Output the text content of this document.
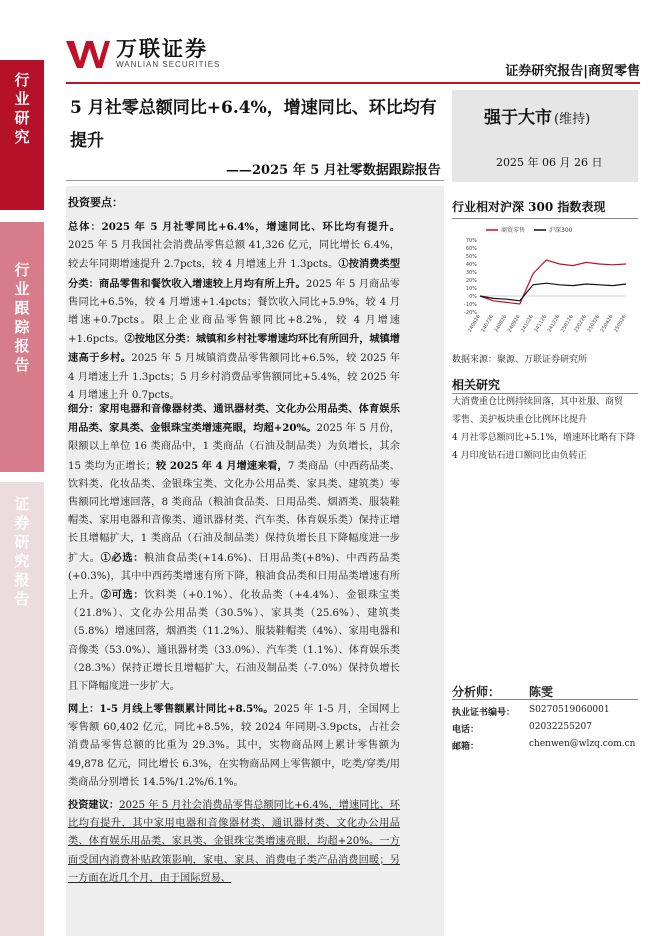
万联证券
WANLIAN SECURITIES	证券研究报告|商贸零售
行业研究
行业跟踪报告
证券研究报告
5 月社零总额同比+6.4%，增速同比、环比均有提升
——2025 年 5 月社零数据跟踪报告
强于大市 (维持)
2025 年 06 月 26 日
投资要点：
总体：2025 年 5 月社零同比+6.4%，增速同比、环比均有提升。2025 年 5 月我国社会消费品零售总额 41,326 亿元，同比增长 6.4%，较去年同期增速提升 2.7pcts，较 4 月增速上升 1.3pcts。①按消费类型分类：商品零售和餐饮收入增速较上月均有所上升。2025 年 5 月商品零售同比+6.5%，较 4 月增速+1.4pcts；餐饮收入同比+5.9%，较 4 月增速+0.7pcts。限上企业商品零售额同比+8.2%，较 4 月增速+1.6pcts。②按地区分类：城镇和乡村社零增速均环比有所回升，城镇增速高于乡村。2025 年 5 月城镇消费品零售额同比+6.5%，较 2025 年 4 月增速上升 1.3pcts；5 月乡村消费品零售额同比+5.4%，较 2025 年 4 月增速上升 0.7pcts。
细分：家用电器和音像器材类、通讯器材类、文化办公用品类、体育娱乐用品类、家具类、金银珠宝类增速亮眼，均超+20%。2025 年 5 月份，限额以上单位 16 类商品中，1 类商品（石油及制品类）为负增长，其余 15 类均为正增长；较 2025 年 4 月增速来看，7 类商品（中西药品类、饮料类、化妆品类、金银珠宝类、文化办公用品类、家具类、建筑类）零售额同比增速回落，8 类商品（粮油食品类、日用品类、烟酒类、服装鞋帽类、家用电器和音像类、通讯器材类、汽车类、体育娱乐类）保持正增长且增幅扩大，1 类商品（石油及制品类）保持负增长且下降幅度进一步扩大。①必选：粮油食品类(+14.6%)、日用品类(+8%)、中西药品类(+0.3%)，其中中西药类增速有所下降，粮油食品类和日用品类增速有所上升。②可选：饮料类（+0.1%）、化妆品类（+4.4%）、金银珠宝类（21.8%）、文化办公用品类（30.5%）、家具类（25.6%）、建筑类（5.8%）增速回落，烟酒类（11.2%）、服装鞋帽类（4%）、家用电器和音像类（53.0%）、通讯器材类（33.0%）、汽车类（1.1%）、体育娱乐类（28.3%）保持正增长且增幅扩大，石油及制品类（-7.0%）保持负增长且下降幅度进一步扩大。
网上：1-5 月线上零售额累计同比+8.5%。2025 年 1-5 月，全国网上零售额 60,402 亿元，同比+8.5%，较 2024 年同期-3.9pcts，占社会消费品零售总额的比重为 29.3%。其中，实物商品网上累计零售额为 49,878 亿元，同比增长 6.3%，在实物商品网上零售额中，吃类/穿类/用类商品分别增长 14.5%/1.2%/6.1%。
投资建议：2025 年 5 月社会消费品零售总额同比+6.4%，增速同比、环比均有提升，其中家用电器和音像器材类、通讯器材类、文化办公用品类、体育娱乐用品类、家具类、金银珠宝类增速亮眼，均超+20%。一方面受国内消费补贴政策影响，家电、家具、消费电子类产品消费回暖；另一方面在近几个月，由于国际贸易、
行业相对沪深 300 指数表现
70%
60%
50%
40%
30%
20%
10%
0%
-10%
-20%
240626
240726
240826
240926
241026
241126
241226
250126
250226
250326
250426
250526
商贸零售	沪深300
数据来源：聚源、万联证券研究所
相关研究
大消费重仓比例持续回落，其中社服、商贸
零售、美护板块重仓比例环比提升
4 月社零总额同比+5.1%，增速环比略有下降
4 月印度钻石进口额同比由负转正
分析师： 陈雯
执业证书编号： S0270519060001
电话：	02032255207
邮箱：	chenwen@wlzq.com.cn
